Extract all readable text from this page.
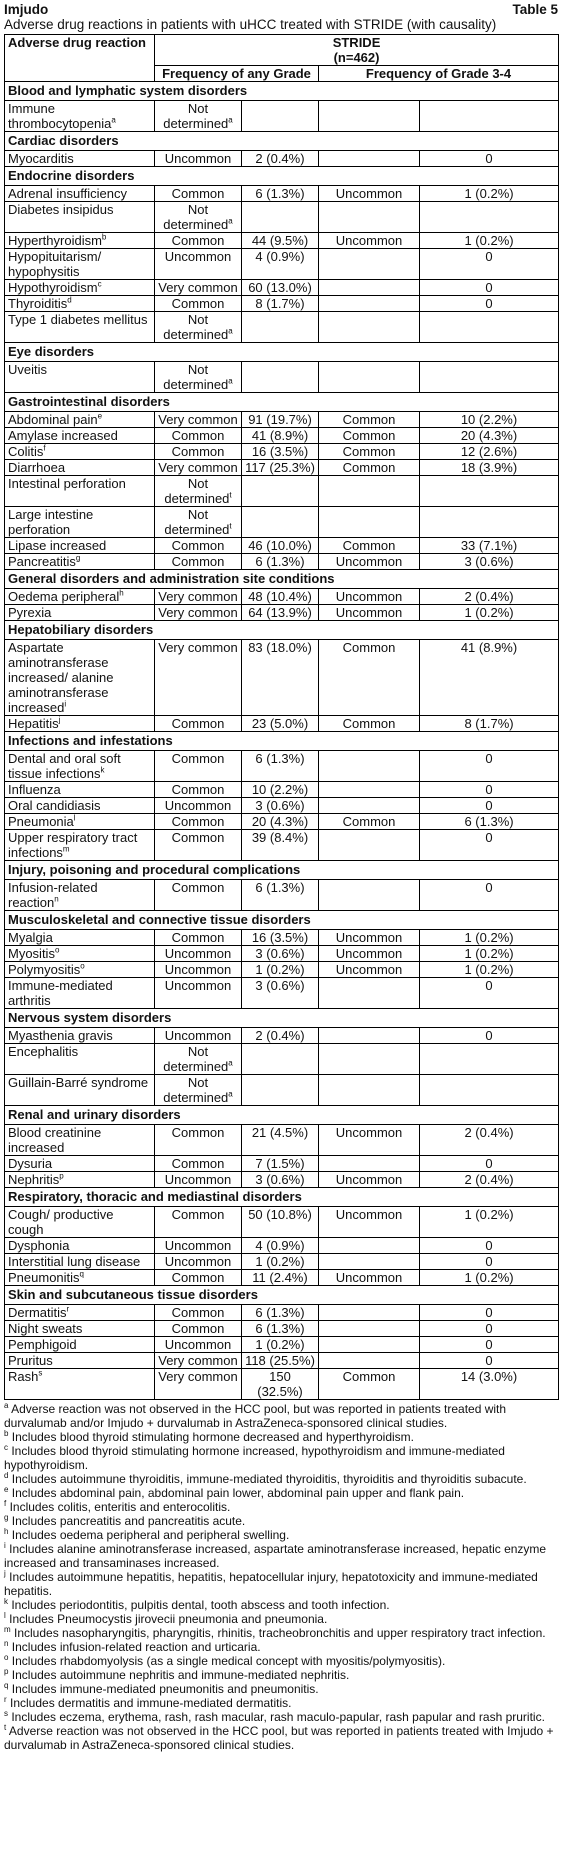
Imjudo	Table 5
Adverse drug reactions in patients with uHCC treated with STRIDE (with causality)
Adverse drug reaction	STRIDE			
	(n=462)			
	Frequency of any Grade		Frequency of Grade 3-4	
Blood and lymphatic system disorders				
Immune thrombocytopenia$^a$	Not determined$^a$			
Cardiac disorders				
Myocarditis	Uncommon	2 (0.4%)		0
Endocrine disorders				
Adrenal insufficiency	Common	6 (1.3%)	Uncommon	1 (0.2%)
Diabetes insipidus	Not determined$^a$			
Hyperthyroidism$^b$	Common	44 (9.5%)	Uncommon	1 (0.2%)
Hypopituitarism/ hypophysitis	Uncommon	4 (0.9%)		0
Hypothyroidism$^c$	Very common	60 (13.0%)		0
Thyroiditis$^d$	Common	8 (1.7%)		0
Type 1 diabetes mellitus	Not determined$^a$			
Eye disorders				
Uveitis	Not determined$^a$			
Gastrointestinal disorders				
Abdominal pain$^e$	Very common	91 (19.7%)	Common	10 (2.2%)
Amylase increased	Common	41 (8.9%)	Common	20 (4.3%)
Colitis$^f$	Common	16 (3.5%)	Common	12 (2.6%)
Diarrhoea	Very common	117 (25.3%)	Common	18 (3.9%)
Intestinal perforation	Not determined$^t$			
Large intestine perforation	Not determined$^t$			
Lipase increased	Common	46 (10.0%)	Common	33 (7.1%)
Pancreatitis$^g$	Common	6 (1.3%)	Uncommon	3 (0.6%)
General disorders and administration site conditions				
Oedema peripheral$^h$	Very common	48 (10.4%)	Uncommon	2 (0.4%)
Pyrexia	Very common	64 (13.9%)	Uncommon	1 (0.2%)
Hepatobiliary disorders				
Aspartate aminotransferase increased/ alanine aminotransferase increased$^i$	Very common	83 (18.0%)	Common	41 (8.9%)
Hepatitis$^j$	Common	23 (5.0%)	Common	8 (1.7%)
Infections and infestations				
Dental and oral soft tissue infections$^k$	Common	6 (1.3%)		0
Influenza	Common	10 (2.2%)		0
Oral candidiasis	Uncommon	3 (0.6%)		0
Pneumonia$^l$	Common	20 (4.3%)	Common	6 (1.3%)
Upper respiratory tract infections$^m$	Common	39 (8.4%)		0
Injury, poisoning and procedural complications				
Infusion-related reaction$^n$	Common	6 (1.3%)		0
Musculoskeletal and connective tissue disorders				
Myalgia	Common	16 (3.5%)	Uncommon	1 (0.2%)
Myositis$^o$	Uncommon	3 (0.6%)	Uncommon	1 (0.2%)
Polymyositis$^o$	Uncommon	1 (0.2%)	Uncommon	1 (0.2%)
Immune-mediated arthritis	Uncommon	3 (0.6%)		0
Nervous system disorders				
Myasthenia gravis	Uncommon	2 (0.4%)		0
Encephalitis	Not determined$^a$			
Guillain-Barré syndrome	Not determined$^a$			
Renal and urinary disorders				
Blood creatinine increased	Common	21 (4.5%)	Uncommon	2 (0.4%)
Dysuria	Common	7 (1.5%)		0
Nephritis$^p$	Uncommon	3 (0.6%)	Uncommon	2 (0.4%)
Respiratory, thoracic and mediastinal disorders				
Cough/ productive cough	Common	50 (10.8%)	Uncommon	1 (0.2%)
Dysphonia	Uncommon	4 (0.9%)		0
Interstitial lung disease	Uncommon	1 (0.2%)		0
Pneumonitis$^q$	Common	11 (2.4%)	Uncommon	1 (0.2%)
Skin and subcutaneous tissue disorders				
Dermatitis$^r$	Common	6 (1.3%)		0
Night sweats	Common	6 (1.3%)		0
Pemphigoid	Uncommon	1 (0.2%)		0
Pruritus	Very common	118 (25.5%)		0
Rash$^s$	Very common	150 (32.5%)	Common	14 (3.0%)

$^a$ Adverse reaction was not observed in the HCC pool, but was reported in patients treated with durvalumab and/or Imjudo + durvalumab in AstraZeneca-sponsored clinical studies.

$^b$ Includes blood thyroid stimulating hormone decreased and hyperthyroidism.

$^c$ Includes blood thyroid stimulating hormone increased, hypothyroidism and immune-mediated hypothyroidism.

$^d$ Includes autoimmune thyroiditis, immune-mediated thyroiditis, thyroiditis and thyroiditis subacute.

$^e$ Includes abdominal pain, abdominal pain lower, abdominal pain upper and flank pain.

$^f$ Includes colitis, enteritis and enterocolitis.

$^g$ Includes pancreatitis and pancreatitis acute.

$^h$ Includes oedema peripheral and peripheral swelling.

$^i$ Includes alanine aminotransferase increased, aspartate aminotransferase increased, hepatic enzyme increased and transaminases increased.

$^j$ Includes autoimmune hepatitis, hepatitis, hepatocellular injury, hepatotoxicity and immune-mediated hepatitis.

$^k$ Includes periodontitis, pulpitis dental, tooth abscess and tooth infection.

$^l$ Includes Pneumocystis jirovecii pneumonia and pneumonia.

$^m$ Includes nasopharyngitis, pharyngitis, rhinitis, tracheobronchitis and upper respiratory tract infection.

$^n$ Includes infusion-related reaction and urticaria.

$^o$ Includes rhabdomyolysis (as a single medical concept with myositis/polymyositis).

$^p$ Includes autoimmune nephritis and immune-mediated nephritis.

$^q$ Includes immune-mediated pneumonitis and pneumonitis.

$^r$ Includes dermatitis and immune-mediated dermatitis.

$^s$ Includes eczema, erythema, rash, rash macular, rash maculo-papular, rash papular and rash pruritic.

$^t$ Adverse reaction was not observed in the HCC pool, but was reported in patients treated with Imjudo + durvalumab in AstraZeneca-sponsored clinical studies.
